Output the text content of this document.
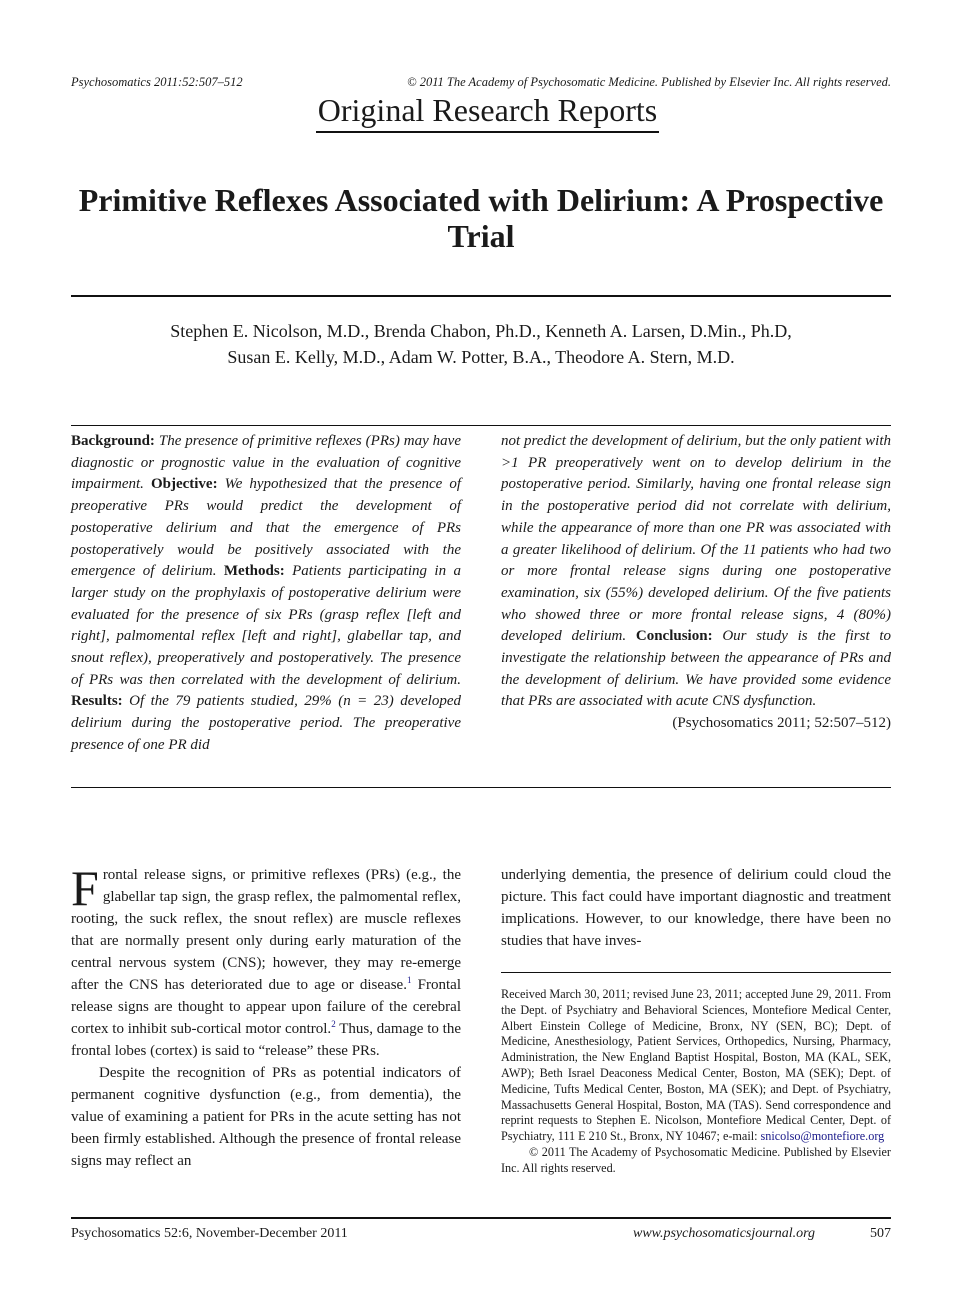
Psychosomatics 2011:52:507–512	© 2011 The Academy of Psychosomatic Medicine. Published by Elsevier Inc. All rights reserved.
Original Research Reports
Primitive Reflexes Associated with Delirium: A Prospective Trial
Stephen E. Nicolson, M.D., Brenda Chabon, Ph.D., Kenneth A. Larsen, D.Min., Ph.D,
Susan E. Kelly, M.D., Adam W. Potter, B.A., Theodore A. Stern, M.D.
Background: The presence of primitive reflexes (PRs) may have diagnostic or prognostic value in the evaluation of cognitive impairment. Objective: We hypothesized that the presence of preoperative PRs would predict the development of postoperative delirium and that the emergence of PRs postoperatively would be positively associated with the emergence of delirium. Methods: Patients participating in a larger study on the prophylaxis of postoperative delirium were evaluated for the presence of six PRs (grasp reflex [left and right], palmomental reflex [left and right], glabellar tap, and snout reflex), preoperatively and postoperatively. The presence of PRs was then correlated with the development of delirium. Results: Of the 79 patients studied, 29% (n = 23) developed delirium during the postoperative period. The preoperative presence of one PR did
not predict the development of delirium, but the only patient with >1 PR preoperatively went on to develop delirium in the postoperative period. Similarly, having one frontal release sign in the postoperative period did not correlate with delirium, while the appearance of more than one PR was associated with a greater likelihood of delirium. Of the 11 patients who had two or more frontal release signs during one postoperative examination, six (55%) developed delirium. Of the five patients who showed three or more frontal release signs, 4 (80%) developed delirium. Conclusion: Our study is the first to investigate the relationship between the appearance of PRs and the development of delirium. We have provided some evidence that PRs are associated with acute CNS dysfunction.
(Psychosomatics 2011; 52:507–512)

Frontal release signs, or primitive reflexes (PRs) (e.g., the glabellar tap sign, the grasp reflex, the palmomental reflex, rooting, the suck reflex, the snout reflex) are muscle reflexes that are normally present only during early maturation of the central nervous system (CNS); however, they may re-emerge after the CNS has deteriorated due to age or disease.$^1$ Frontal release signs are thought to appear upon failure of the cerebral cortex to inhibit sub-cortical motor control.$^2$ Thus, damage to the frontal lobes (cortex) is said to “release” these PRs.

Despite the recognition of PRs as potential indicators of permanent cognitive dysfunction (e.g., from dementia), the value of examining a patient for PRs in the acute setting has not been firmly established. Although the presence of frontal release signs may reflect an

underlying dementia, the presence of delirium could cloud the picture. This fact could have important diagnostic and treatment implications. However, to our knowledge, there have been no studies that have inves-

Received March 30, 2011; revised June 23, 2011; accepted June 29, 2011. From the Dept. of Psychiatry and Behavioral Sciences, Montefiore Medical Center, Albert Einstein College of Medicine, Bronx, NY (SEN, BC); Dept. of Medicine, Anesthesiology, Patient Services, Orthopedics, Nursing, Pharmacy, Administration, the New England Baptist Hospital, Boston, MA (KAL, SEK, AWP); Beth Israel Deaconess Medical Center, Boston, MA (SEK); Dept. of Medicine, Tufts Medical Center, Boston, MA (SEK); and Dept. of Psychiatry, Massachusetts General Hospital, Boston, MA (TAS). Send correspondence and reprint requests to Stephen E. Nicolson, Montefiore Medical Center, Dept. of Psychiatry, 111 E 210 St., Bronx, NY 10467; e-mail: snicolso@montefiore.org

© 2011 The Academy of Psychosomatic Medicine. Published by Elsevier Inc. All rights reserved.

Psychosomatics 52:6, November-December 2011	www.psychosomaticsjournal.org	507
